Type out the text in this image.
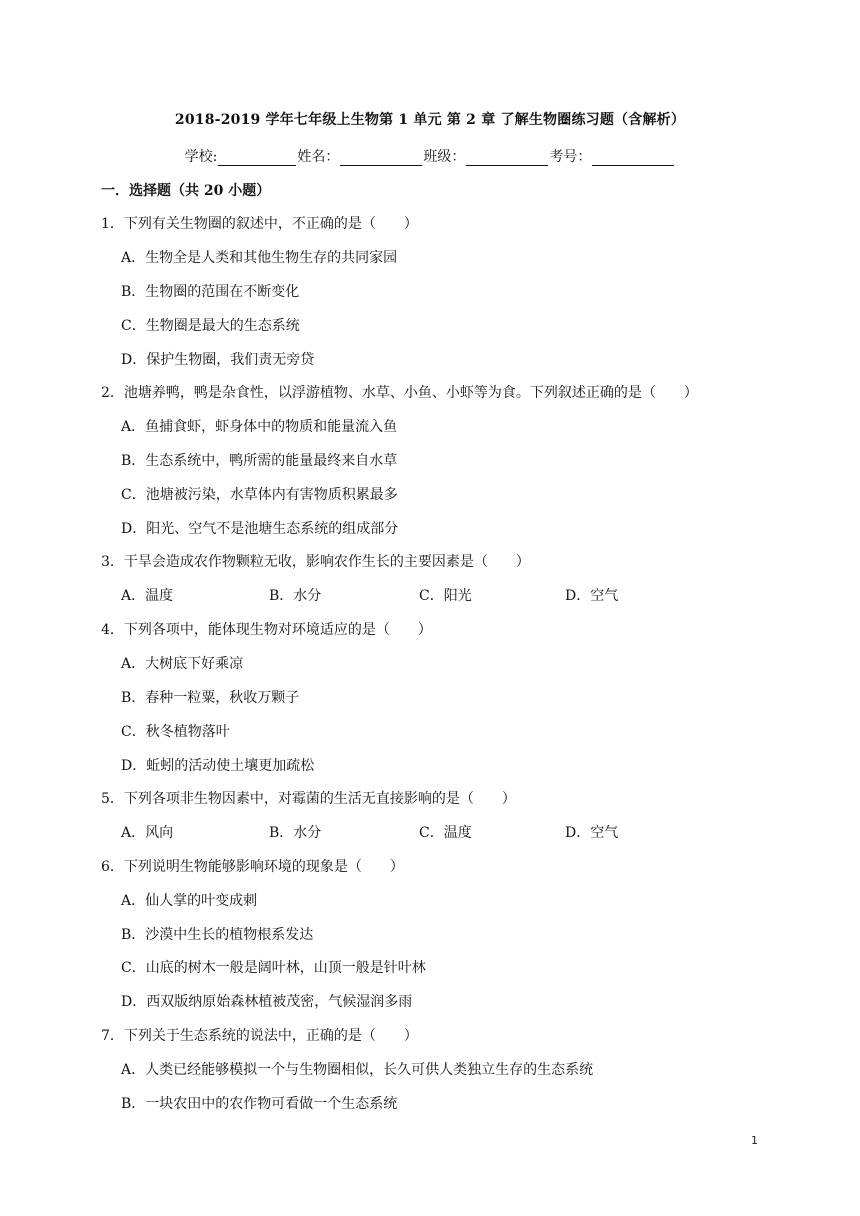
2018-2019 学年七年级上生物第 1 单元 第 2 章 了解生物圈练习题（含解析）
学校:	姓名：	班级：	考号：
一．选择题（共 20 小题）
1．下列有关生物圈的叙述中，不正确的是（　　）
A．生物全是人类和其他生物生存的共同家园
B．生物圈的范围在不断变化
C．生物圈是最大的生态系统
D．保护生物圈，我们责无旁贷
2．池塘养鸭，鸭是杂食性，以浮游植物、水草、小鱼、小虾等为食。下列叙述正确的是（　　）
A．鱼捕食虾，虾身体中的物质和能量流入鱼
B．生态系统中，鸭所需的能量最终来自水草
C．池塘被污染，水草体内有害物质积累最多
D．阳光、空气不是池塘生态系统的组成部分
3．干旱会造成农作物颗粒无收，影响农作生长的主要因素是（　　）
A．温度	B．水分	C．阳光	D．空气
4．下列各项中，能体现生物对环境适应的是（　　）
A．大树底下好乘凉
B．春种一粒粟，秋收万颗子
C．秋冬植物落叶
D．蚯蚓的活动使土壤更加疏松
5．下列各项非生物因素中，对霉菌的生活无直接影响的是（　　）
A．风向	B．水分	C．温度	D．空气
6．下列说明生物能够影响环境的现象是（　　）
A．仙人掌的叶变成刺
B．沙漠中生长的植物根系发达
C．山底的树木一般是阔叶林，山顶一般是针叶林
D．西双版纳原始森林植被茂密，气候湿润多雨
7．下列关于生态系统的说法中，正确的是（　　）
A．人类已经能够模拟一个与生物圈相似，长久可供人类独立生存的生态系统
B．一块农田中的农作物可看做一个生态系统
1
